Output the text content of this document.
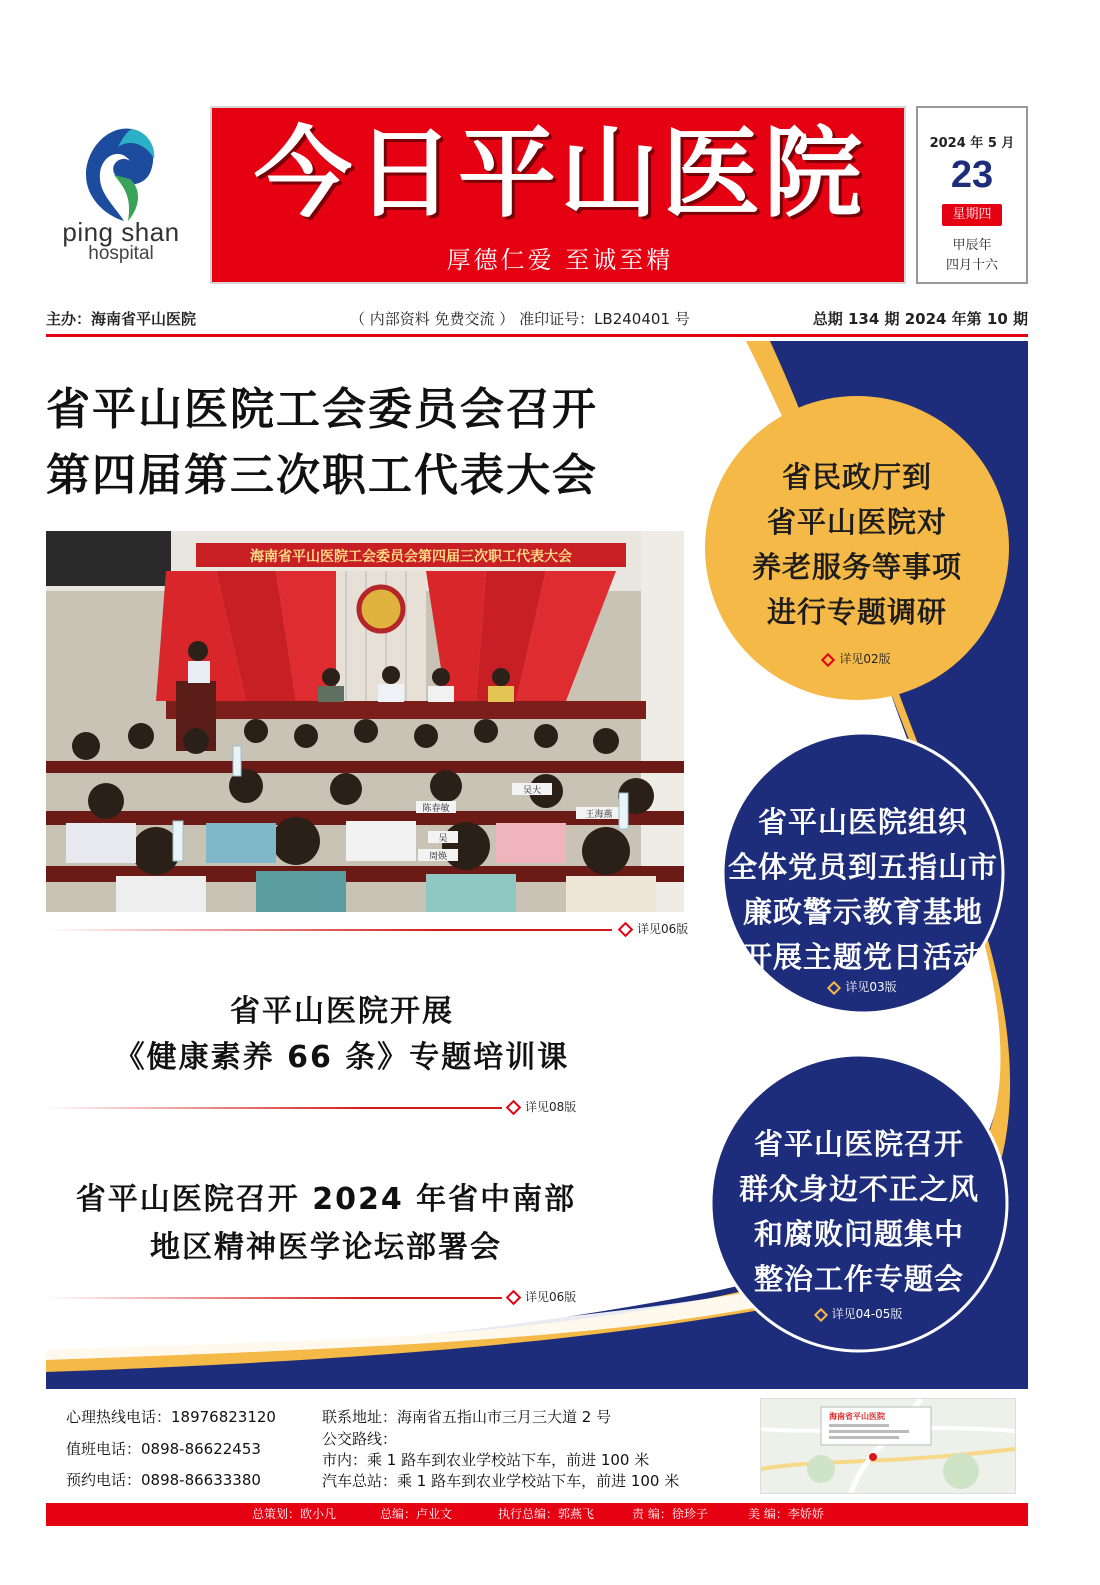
ping shan
hospital
今日平山医院
厚德仁爱 至诚至精
2024 年 5 月
23
星期四
甲辰年
四月十六
主办：海南省平山医院	（ 内部资料 免费交流 ） 准印证号：LB240401 号	总期 134 期 2024 年第 10 期
省平山医院工会委员会召开
第四届第三次职工代表大会
海南省平山医院工会委员会第四届三次职工代表大会
陈春敏
吴
王海燕
周焕
吴大
详见06版
省平山医院开展
《健康素养 66 条》专题培训课
详见08版
省平山医院召开 2024 年省中南部
地区精神医学论坛部署会
详见06版
省民政厅到
省平山医院对
养老服务等事项
进行专题调研
详见02版
省平山医院组织
全体党员到五指山市
廉政警示教育基地
开展主题党日活动
详见03版
省平山医院召开
群众身边不正之风
和腐败问题集中
整治工作专题会
详见04-05版
心理热线电话：18976823120
值班电话：0898-86622453
预约电话：0898-86633380
联系地址：海南省五指山市三月三大道 2 号
公交路线：
市内：乘 1 路车到农业学校站下车，前进 100 米
汽车总站：乘 1 路车到农业学校站下车，前进 100 米
海南省平山医院
总策划：欧小凡	总编：卢业文	执行总编：郭燕飞	责 编：徐珍子	美 编：李娇娇
